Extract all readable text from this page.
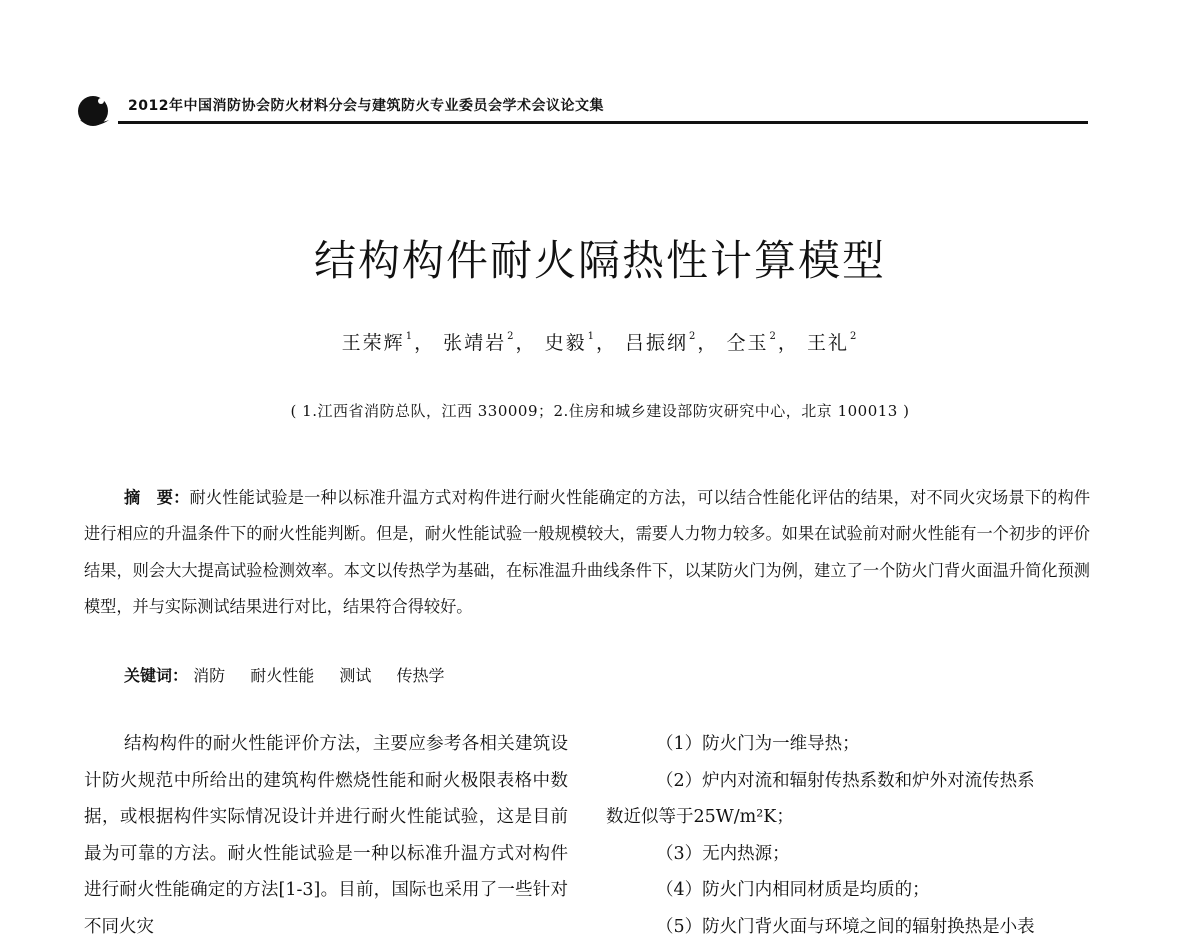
2012年中国消防协会防火材料分会与建筑防火专业委员会学术会议论文集
结构构件耐火隔热性计算模型
王荣辉$^1$， 张靖岩$^2$， 史毅$^1$， 吕振纲$^2$， 仝玉$^2$， 王礼$^2$
( 1.江西省消防总队，江西 330009；2.住房和城乡建设部防灾研究中心，北京 100013 )

摘　要：耐火性能试验是一种以标准升温方式对构件进行耐火性能确定的方法，可以结合性能化评估的结果，对不同火灾场景下的构件进行相应的升温条件下的耐火性能判断。但是，耐火性能试验一般规模较大，需要人力物力较多。如果在试验前对耐火性能有一个初步的评价结果，则会大大提高试验检测效率。本文以传热学为基础，在标准温升曲线条件下，以某防火门为例，建立了一个防火门背火面温升简化预测模型，并与实际测试结果进行对比，结果符合得较好。

关键词： 消防 耐火性能 测试 传热学

结构构件的耐火性能评价方法，主要应参考各相关建筑设计防火规范中所给出的建筑构件燃烧性能和耐火极限表格中数据，或根据构件实际情况设计并进行耐火性能试验，这是目前最为可靠的方法。耐火性能试验是一种以标准升温方式对构件进行耐火性能确定的方法[1-3]。目前，国际也采用了一些针对不同火灾

（1）防火门为一维导热；

（2）炉内对流和辐射传热系数和炉外对流传热系

数近似等于25W/m²K；

（3）无内热源；

（4）防火门内相同材质是均质的；

（5）防火门背火面与环境之间的辐射换热是小表
